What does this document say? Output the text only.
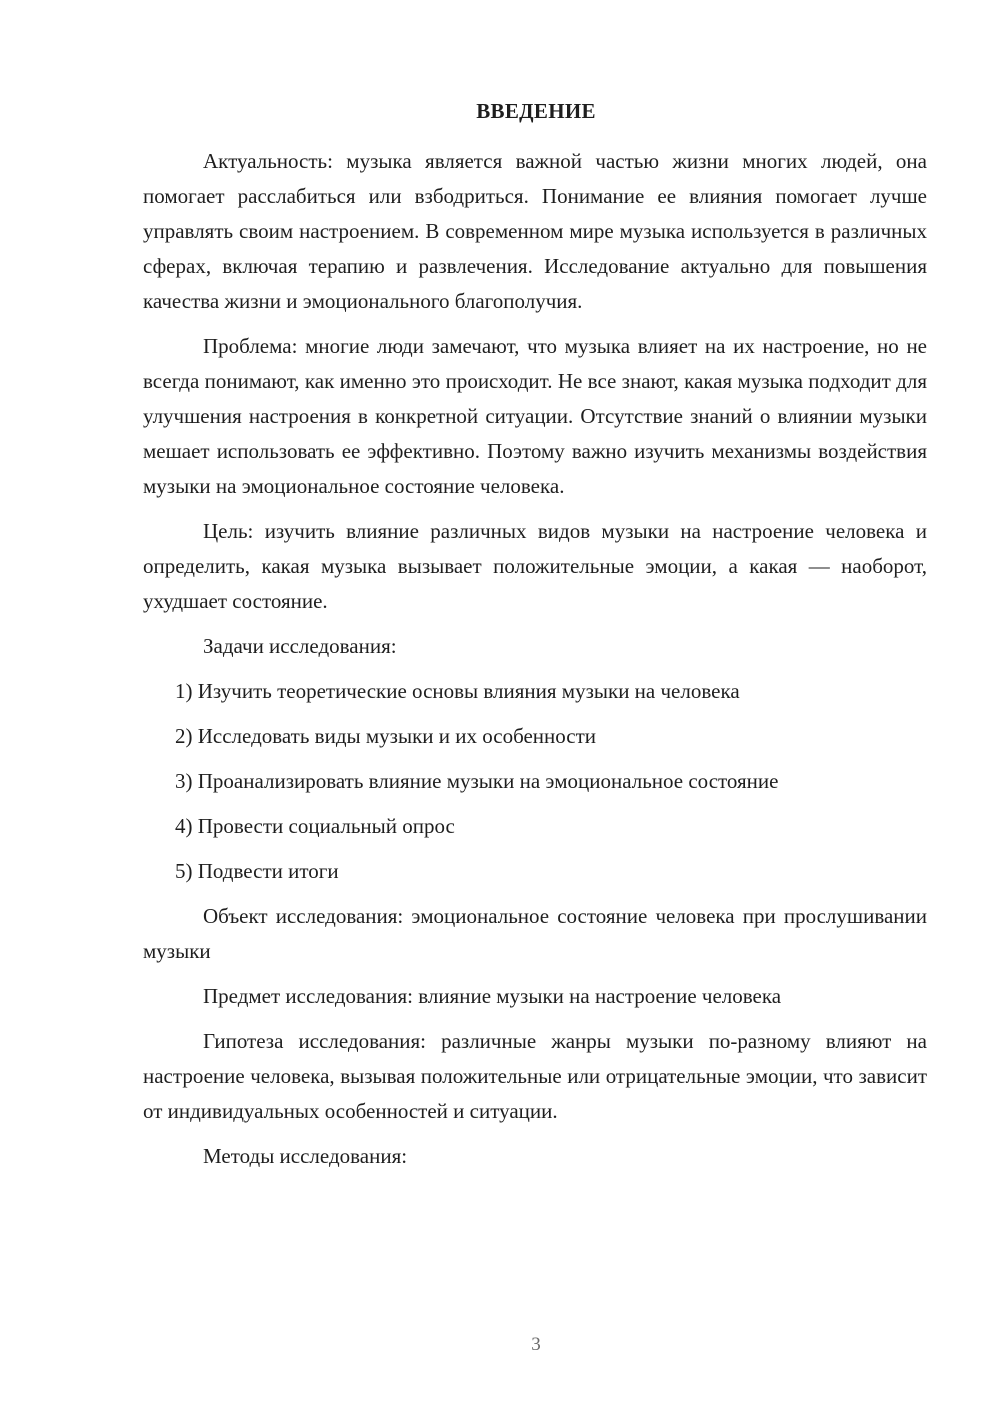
ВВЕДЕНИЕ

Актуальность: музыка является важной частью жизни многих людей, она помогает расслабиться или взбодриться. Понимание ее влияния помогает лучше управлять своим настроением. В современном мире музыка используется в различных сферах, включая терапию и развлечения. Исследование актуально для повышения качества жизни и эмоционального благополучия.

Проблема: многие люди замечают, что музыка влияет на их настроение, но не всегда понимают, как именно это происходит. Не все знают, какая музыка подходит для улучшения настроения в конкретной ситуации. Отсутствие знаний о влиянии музыки мешает использовать ее эффективно. Поэтому важно изучить механизмы воздействия музыки на эмоциональное состояние человека.

Цель: изучить влияние различных видов музыки на настроение человека и определить, какая музыка вызывает положительные эмоции, а какая — наоборот, ухудшает состояние.

Задачи исследования:

1) Изучить теоретические основы влияния музыки на человека
2) Исследовать виды музыки и их особенности
3) Проанализировать влияние музыки на эмоциональное состояние
4) Провести социальный опрос
5) Подвести итоги

Объект исследования: эмоциональное состояние человека при прослушивании музыки

Предмет исследования: влияние музыки на настроение человека

Гипотеза исследования: различные жанры музыки по-разному влияют на настроение человека, вызывая положительные или отрицательные эмоции, что зависит от индивидуальных особенностей и ситуации.

Методы исследования:

3
